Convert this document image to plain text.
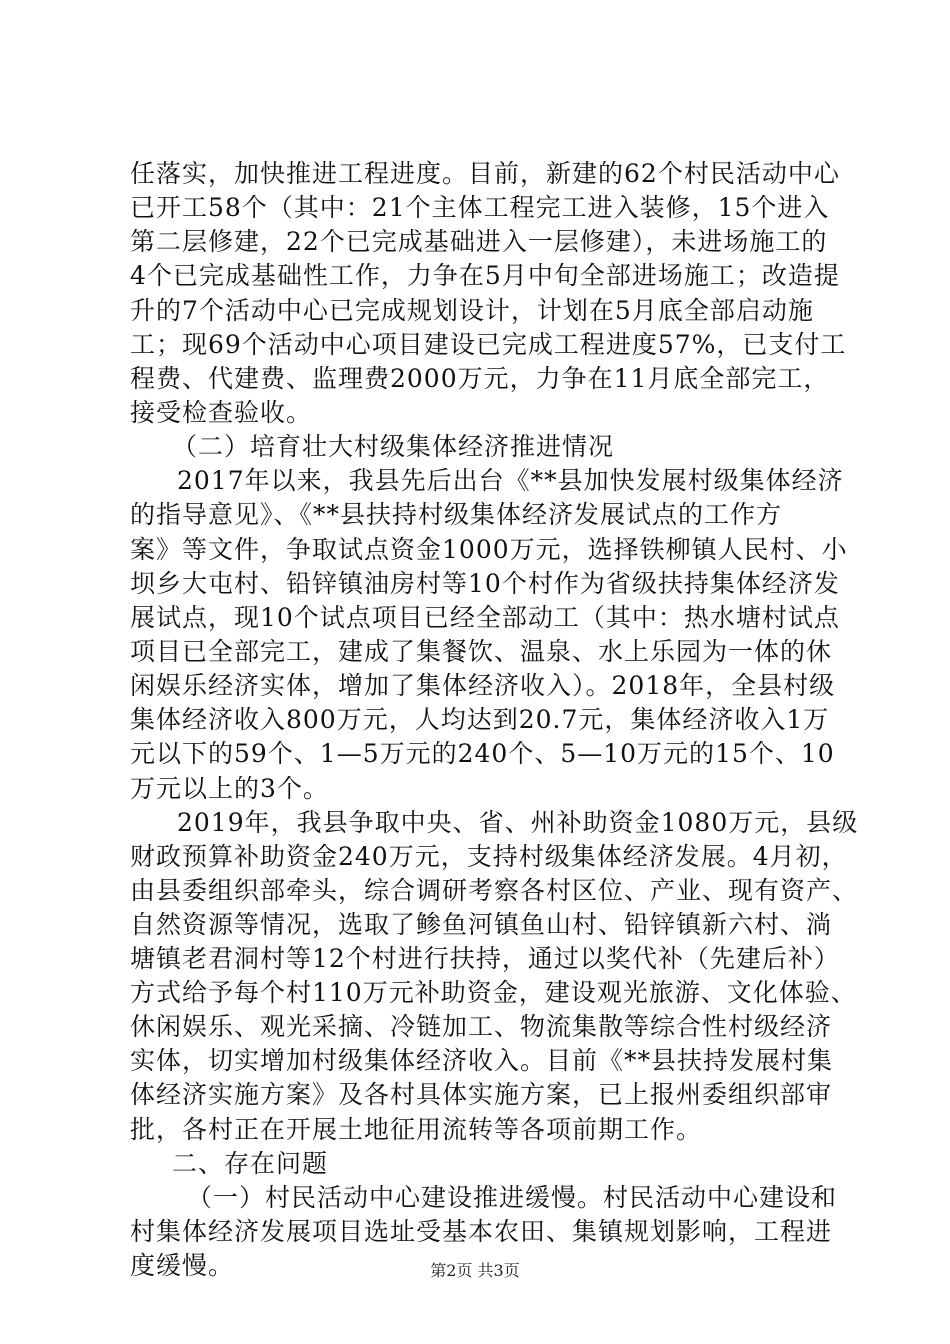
任落实，加快推进工程进度。目前，新建的62个村民活动中心
已开工58个（其中：21个主体工程完工进入装修，15个进入
第二层修建，22个已完成基础进入一层修建），未进场施工的
4个已完成基础性工作，力争在5月中旬全部进场施工；改造提
升的7个活动中心已完成规划设计，计划在5月底全部启动施
工；现69个活动中心项目建设已完成工程进度57%，已支付工
程费、代建费、监理费2000万元，力争在11月底全部完工，
接受检查验收。
（二）培育壮大村级集体经济推进情况
2017年以来，我县先后出台《**县加快发展村级集体经济
的指导意见》、《**县扶持村级集体经济发展试点的工作方
案》等文件，争取试点资金1000万元，选择铁柳镇人民村、小
坝乡大屯村、铅锌镇油房村等10个村作为省级扶持集体经济发
展试点，现10个试点项目已经全部动工（其中：热水塘村试点
项目已全部完工，建成了集餐饮、温泉、水上乐园为一体的休
闲娱乐经济实体，增加了集体经济收入）。2018年，全县村级
集体经济收入800万元，人均达到20.7元，集体经济收入1万
元以下的59个、1—5万元的240个、5—10万元的15个、10
万元以上的3个。
2019年，我县争取中央、省、州补助资金1080万元，县级
财政预算补助资金240万元，支持村级集体经济发展。4月初，
由县委组织部牵头，综合调研考察各村区位、产业、现有资产、
自然资源等情况，选取了鲹鱼河镇鱼山村、铅锌镇新六村、淌
塘镇老君洞村等12个村进行扶持，通过以奖代补（先建后补）
方式给予每个村110万元补助资金，建设观光旅游、文化体验、
休闲娱乐、观光采摘、冷链加工、物流集散等综合性村级经济
实体，切实增加村级集体经济收入。目前《**县扶持发展村集
体经济实施方案》及各村具体实施方案，已上报州委组织部审
批，各村正在开展土地征用流转等各项前期工作。
二、存在问题
（一）村民活动中心建设推进缓慢。村民活动中心建设和
村集体经济发展项目选址受基本农田、集镇规划影响，工程进
度缓慢。	第2页 共3页
